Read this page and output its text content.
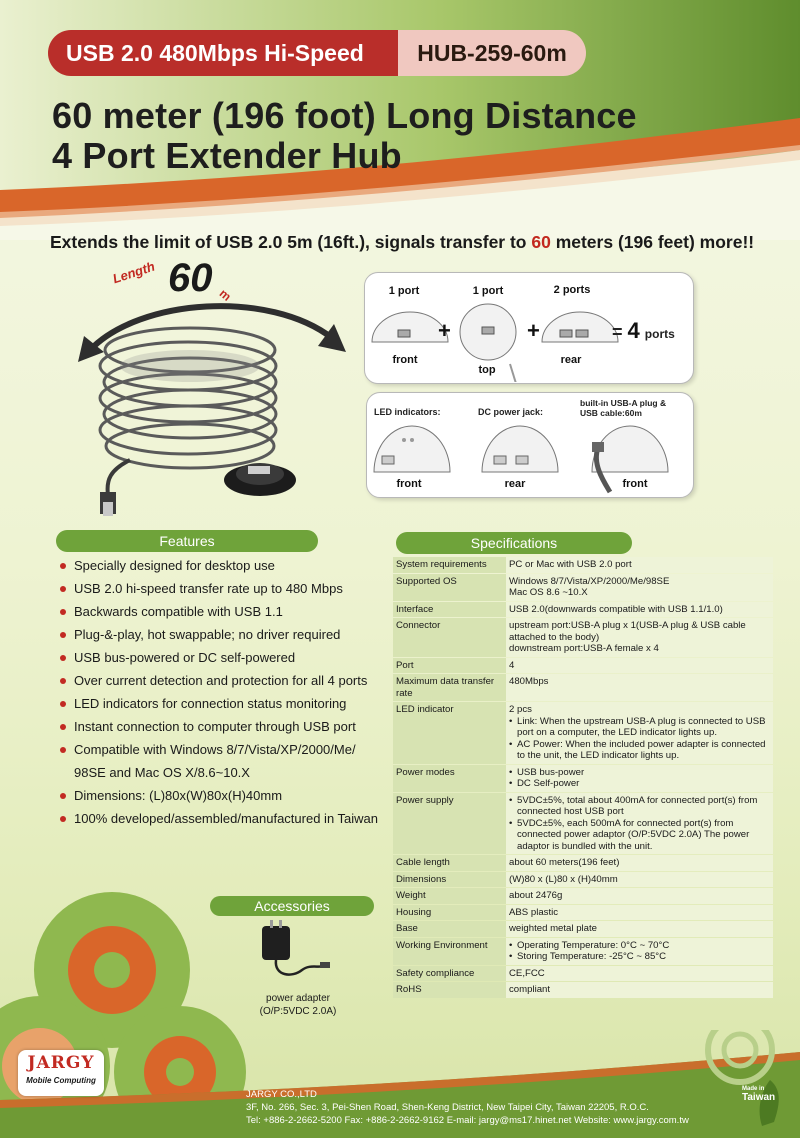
USB 2.0 480Mbps Hi-Speed	HUB-259-60m
60 meter (196 foot) Long Distance
4 Port Extender Hub
Extends the limit of USB 2.0 5m (16ft.), signals transfer to 60 meters (196 feet) more!!
Length 60 m	1 port	1 port	2 ports
+	+	= 4 ports
front
top
rear
LED indicators:	DC power jack:
built-in USB-A plug &
USB cable:60m
front	rear	front
Features
Specially designed for desktop use
USB 2.0 hi-speed transfer rate up to 480 Mbps
Backwards compatible with USB 1.1
Plug-&-play, hot swappable; no driver required
USB bus-powered or DC self-powered
Over current detection and protection for all 4 ports
LED indicators for connection status monitoring
Instant connection to computer through USB port
Compatible with Windows 8/7/Vista/XP/2000/Me/ 98SE and Mac OS X/8.6~10.X
Dimensions: (L)80x(W)80x(H)40mm
100% developed/assembled/manufactured in Taiwan
Specifications
System requirements	PC or Mac with USB 2.0 port

Supported OS	Windows 8/7/Vista/XP/2000/Me/98SE
Mac OS 8.6 ~10.X

Interface	USB 2.0(downwards compatible with USB 1.1/1.0)

Connector	upstream port:USB-A plug x 1(USB-A plug & USB cable attached to the body)
downstream port:USB-A female x 4

Port	4

Maximum data transfer rate	480Mbps

LED indicator	2 pcs
• Link: When the upstream USB-A plug is connected to USB port on a computer, the LED indicator lights up.
• AC Power: When the included power adapter is connected to the unit, the LED indicator lights up.

Power modes	• USB bus-power
• DC Self-power

Power supply	• 5VDC±5%, total about 400mA for connected port(s) from connected host USB port
• 5VDC±5%, each 500mA for connected port(s) from connected power adaptor (O/P:5VDC 2.0A) The power adaptor is bundled with the unit.

Cable length	about 60 meters(196 feet)

Dimensions	(W)80 x (L)80 x (H)40mm

Weight	about 2476g

Housing	ABS plastic

Base	weighted metal plate

Working Environment	• Operating Temperature: 0°C ~ 70°C
• Storing Temperature: -25°C ~ 85°C

Safety compliance	CE,FCC

RoHS	compliant
Accessories
power adapter
(O/P:5VDC 2.0A)
JARGY
Mobile Computing
JARGY CO.,LTD
3F, No. 266, Sec. 3, Pei-Shen Road, Shen-Keng District, New Taipei City, Taiwan 22205, R.O.C.
Tel: +886-2-2662-5200 Fax: +886-2-2662-9162 E-mail: jargy@ms17.hinet.net Website: www.jargy.com.tw
Made in
Taiwan
